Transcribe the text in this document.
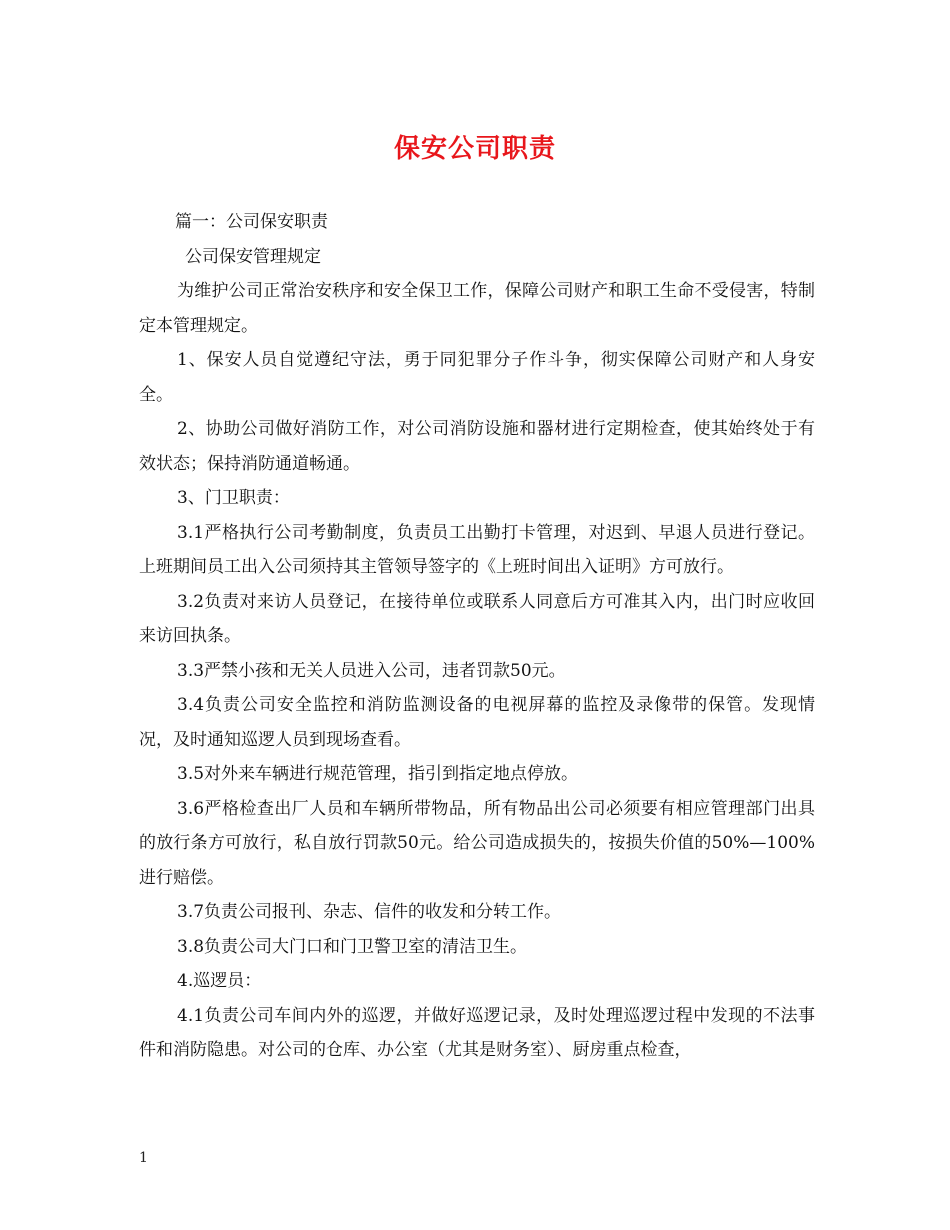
保安公司职责

篇一：公司保安职责

公司保安管理规定

为维护公司正常治安秩序和安全保卫工作，保障公司财产和职工生命不受侵害，特制定本管理规定。

1、保安人员自觉遵纪守法，勇于同犯罪分子作斗争，彻实保障公司财产和人身安全。

2、协助公司做好消防工作，对公司消防设施和器材进行定期检查，使其始终处于有效状态；保持消防通道畅通。

3、门卫职责：

3.1严格执行公司考勤制度，负责员工出勤打卡管理，对迟到、早退人员进行登记。 上班期间员工出入公司须持其主管领导签字的《上班时间出入证明》方可放行。

3.2负责对来访人员登记，在接待单位或联系人同意后方可准其入内，出门时应收回来访回执条。

3.3严禁小孩和无关人员进入公司，违者罚款50元。

3.4负责公司安全监控和消防监测设备的电视屏幕的监控及录像带的保管。发现情况，及时通知巡逻人员到现场查看。

3.5对外来车辆进行规范管理，指引到指定地点停放。

3.6严格检查出厂人员和车辆所带物品，所有物品出公司必须要有相应管理部门出具的放行条方可放行，私自放行罚款50元。给公司造成损失的，按损失价值的50%—100%进行赔偿。

3.7负责公司报刊、杂志、信件的收发和分转工作。

3.8负责公司大门口和门卫警卫室的清洁卫生。

4.巡逻员：

4.1负责公司车间内外的巡逻，并做好巡逻记录，及时处理巡逻过程中发现的不法事件和消防隐患。对公司的仓库、办公室（尤其是财务室）、厨房重点检查，

1
